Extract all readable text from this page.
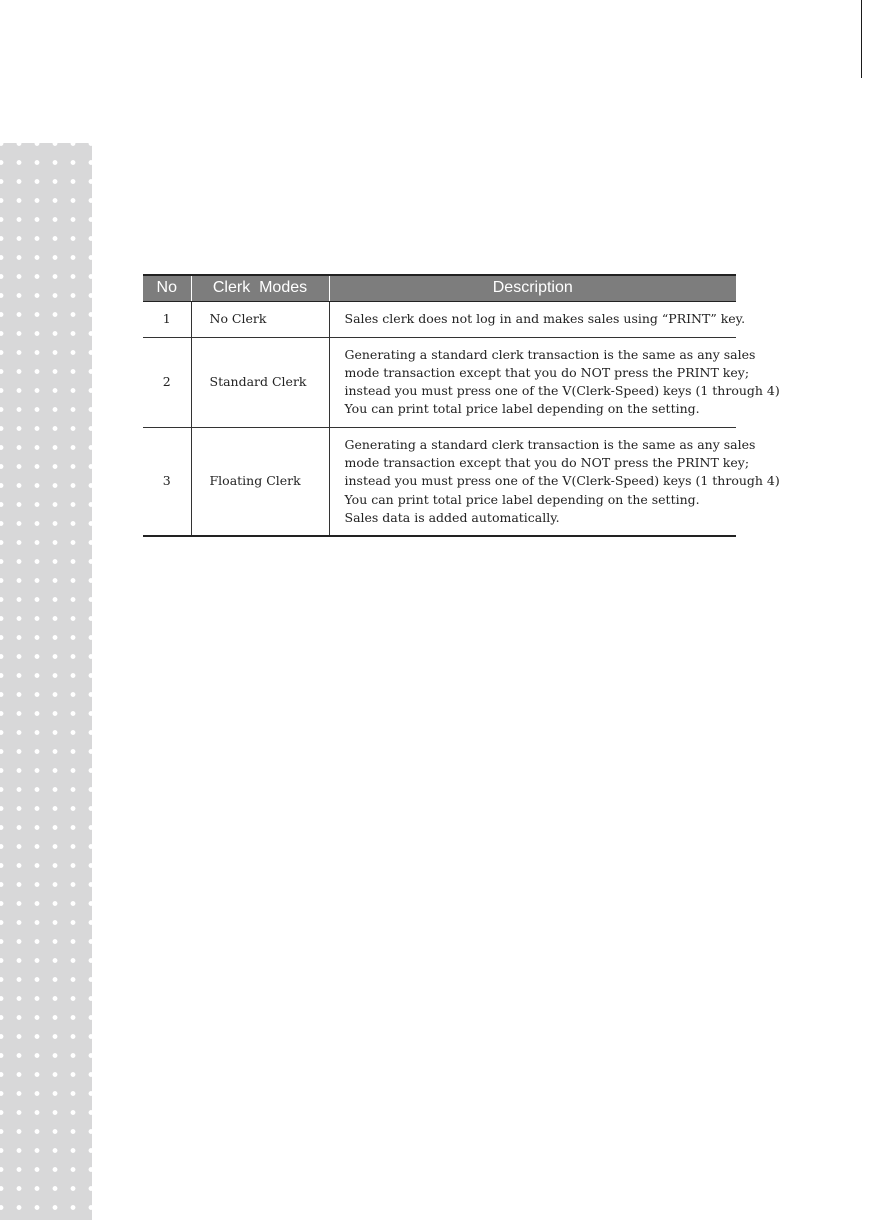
No	Clerk  Modes	Description
1	No Clerk	Sales clerk does not log in and makes sales using “PRINT” key.

2	Standard Clerk	Generating a standard clerk transaction is the same as any sales
mode transaction except that you do NOT press the PRINT key;
instead you must press one of the V(Clerk-Speed) keys (1 through 4)
You can print total price label depending on the setting.

3	Floating Clerk	Generating a standard clerk transaction is the same as any sales
mode transaction except that you do NOT press the PRINT key;
instead you must press one of the V(Clerk-Speed) keys (1 through 4)
You can print total price label depending on the setting.
Sales data is added automatically.
